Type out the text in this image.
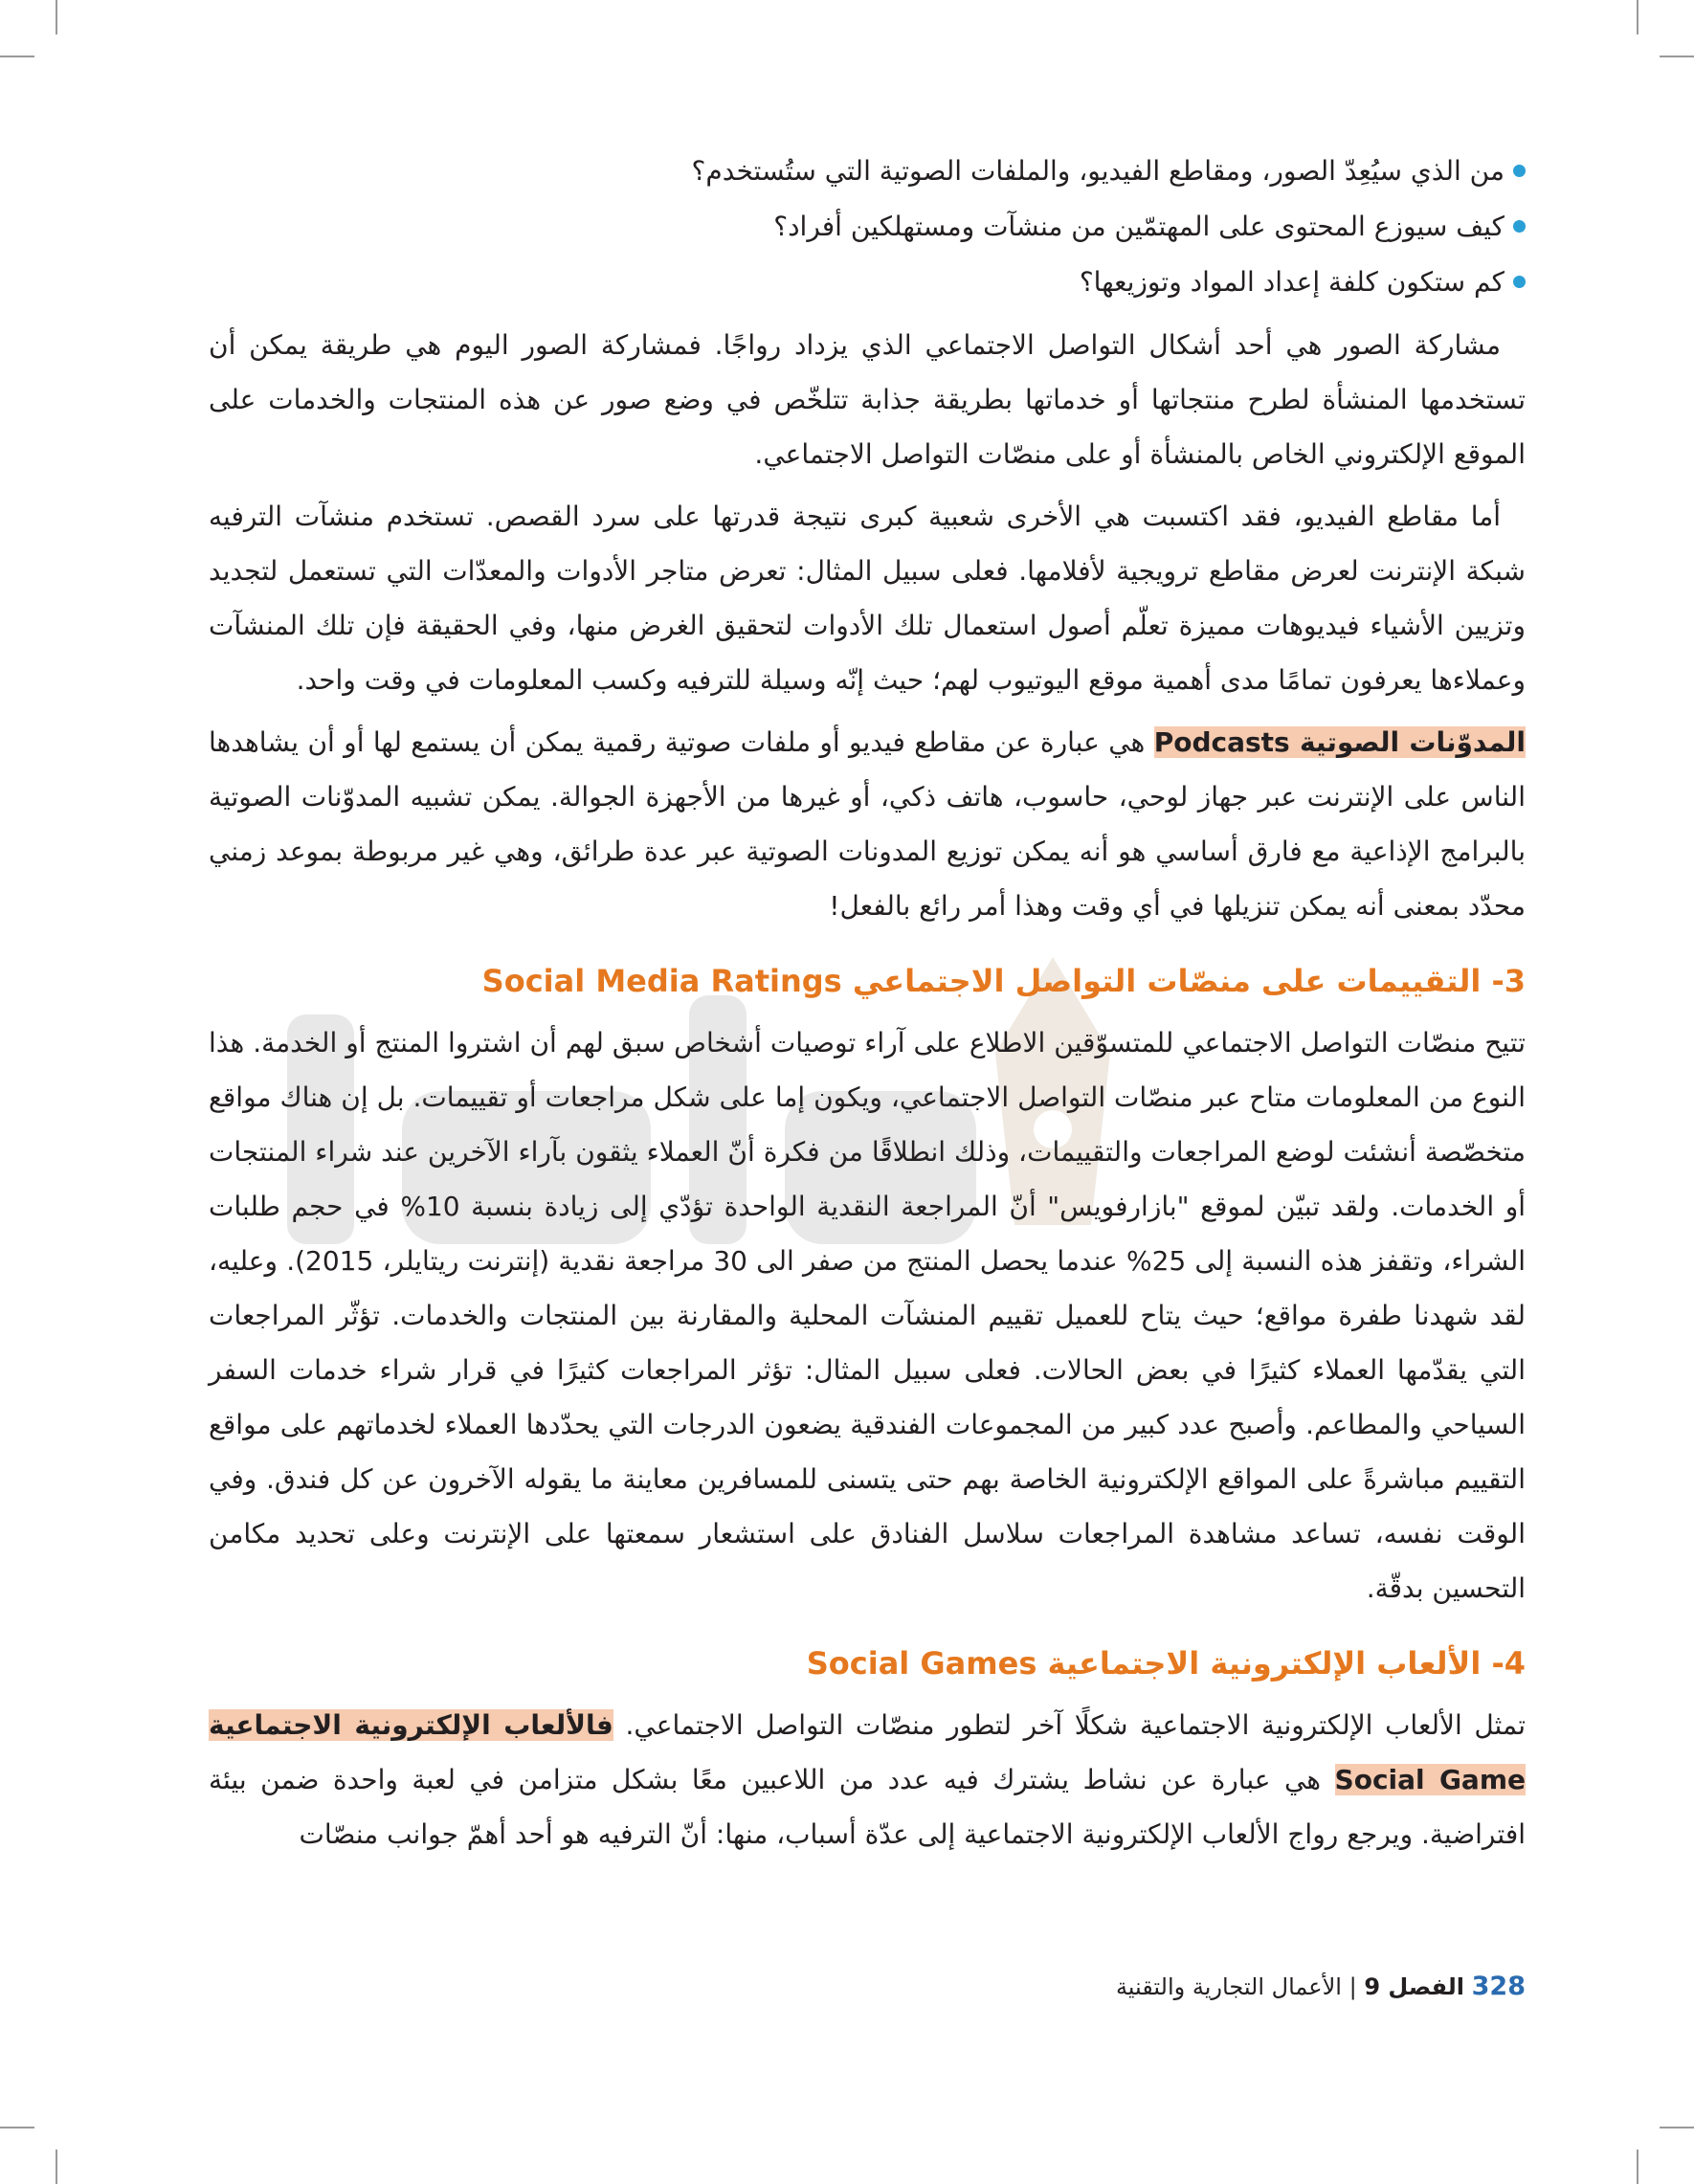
من الذي سيُعِدّ الصور، ومقاطع الفيديو، والملفات الصوتية التي ستُستخدم؟
كيف سيوزع المحتوى على المهتمّين من منشآت ومستهلكين أفراد؟
كم ستكون كلفة إعداد المواد وتوزيعها؟

مشاركة الصور هي أحد أشكال التواصل الاجتماعي الذي يزداد رواجًا. فمشاركة الصور اليوم هي طريقة يمكن أن تستخدمها المنشأة لطرح منتجاتها أو خدماتها بطريقة جذابة تتلخّص في وضع صور عن هذه المنتجات والخدمات على الموقع الإلكتروني الخاص بالمنشأة أو على منصّات التواصل الاجتماعي.

أما مقاطع الفيديو، فقد اكتسبت هي الأخرى شعبية كبرى نتيجة قدرتها على سرد القصص. تستخدم منشآت الترفيه شبكة الإنترنت لعرض مقاطع ترويجية لأفلامها. فعلى سبيل المثال: تعرض متاجر الأدوات والمعدّات التي تستعمل لتجديد وتزيين الأشياء فيديوهات مميزة تعلّم أصول استعمال تلك الأدوات لتحقيق الغرض منها، وفي الحقيقة فإن تلك المنشآت وعملاءها يعرفون تمامًا مدى أهمية موقع اليوتيوب لهم؛ حيث إنّه وسيلة للترفيه وكسب المعلومات في وقت واحد.

المدوّنات الصوتية Podcasts هي عبارة عن مقاطع فيديو أو ملفات صوتية رقمية يمكن أن يستمع لها أو أن يشاهدها الناس على الإنترنت عبر جهاز لوحي، حاسوب، هاتف ذكي، أو غيرها من الأجهزة الجوالة. يمكن تشبيه المدوّنات الصوتية بالبرامج الإذاعية مع فارق أساسي هو أنه يمكن توزيع المدونات الصوتية عبر عدة طرائق، وهي غير مربوطة بموعد زمني محدّد بمعنى أنه يمكن تنزيلها في أي وقت وهذا أمر رائع بالفعل!

3- التقييمات على منصّات التواصل الاجتماعي Social Media Ratings

تتيح منصّات التواصل الاجتماعي للمتسوّقين الاطلاع على آراء توصيات أشخاص سبق لهم أن اشتروا المنتج أو الخدمة. هذا النوع من المعلومات متاح عبر منصّات التواصل الاجتماعي، ويكون إما على شكل مراجعات أو تقييمات. بل إن هناك مواقع متخصّصة أنشئت لوضع المراجعات والتقييمات، وذلك انطلاقًا من فكرة أنّ العملاء يثقون بآراء الآخرين عند شراء المنتجات أو الخدمات. ولقد تبيّن لموقع "بازارفويس" أنّ المراجعة النقدية الواحدة تؤدّي إلى زيادة بنسبة 10% في حجم طلبات الشراء، وتقفز هذه النسبة إلى 25% عندما يحصل المنتج من صفر الى 30 مراجعة نقدية (إنترنت ريتايلر، 2015). وعليه، لقد شهدنا طفرة مواقع؛ حيث يتاح للعميل تقييم المنشآت المحلية والمقارنة بين المنتجات والخدمات. تؤثّر المراجعات التي يقدّمها العملاء كثيرًا في بعض الحالات. فعلى سبيل المثال: تؤثر المراجعات كثيرًا في قرار شراء خدمات السفر السياحي والمطاعم. وأصبح عدد كبير من المجموعات الفندقية يضعون الدرجات التي يحدّدها العملاء لخدماتهم على مواقع التقييم مباشرةً على المواقع الإلكترونية الخاصة بهم حتى يتسنى للمسافرين معاينة ما يقوله الآخرون عن كل فندق. وفي الوقت نفسه، تساعد مشاهدة المراجعات سلاسل الفنادق على استشعار سمعتها على الإنترنت وعلى تحديد مكامن التحسين بدقّة.

4- الألعاب الإلكترونية الاجتماعية Social Games

تمثل الألعاب الإلكترونية الاجتماعية شكلًا آخر لتطور منصّات التواصل الاجتماعي. فالألعاب الإلكترونية الاجتماعية Social Game هي عبارة عن نشاط يشترك فيه عدد من اللاعبين معًا بشكل متزامن في لعبة واحدة ضمن بيئة افتراضية. ويرجع رواج الألعاب الإلكترونية الاجتماعية إلى عدّة أسباب، منها: أنّ الترفيه هو أحد أهمّ جوانب منصّات

328 الفصل 9 | الأعمال التجارية والتقنية
